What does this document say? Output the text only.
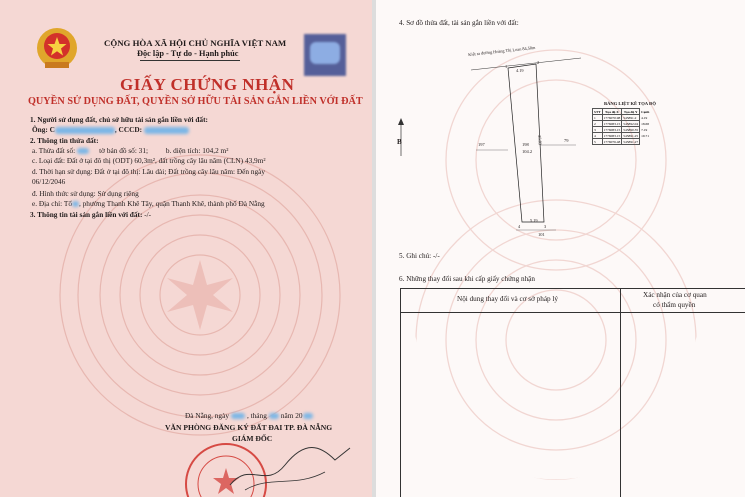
CỘNG HÒA XÃ HỘI CHỦ NGHĨA VIỆT NAM
Độc lập - Tự do - Hạnh phúc
GIẤY CHỨNG NHẬN
QUYỀN SỬ DỤNG ĐẤT, QUYỀN SỞ HỮU TÀI SẢN GẮN LIỀN VỚI ĐẤT
1. Người sử dụng đất, chủ sở hữu tài sản gắn liền với đất:
Ông: C	, CCCD:
2. Thông tin thửa đất:
a. Thửa đất số:	tờ bản đồ số: 31; b. diện tích: 104,2 m²
c. Loại đất: Đất ở tại đô thị (ODT) 60,3m², đất trồng cây lâu năm (CLN) 43,9m²
d. Thời hạn sử dụng: Đất ở tại đô thị: Lâu dài; Đất trồng cây lâu năm: Đến ngày
06/12/2046
đ. Hình thức sử dụng: Sử dụng riêng
e. Địa chỉ: Tổ , phường Thanh Khê Tây, quận Thanh Khê, thành phố Đà Nẵng
3. Thông tin tài sản gắn liền với đất: -/-
Đà Nẵng, ngày , tháng năm 20
VĂN PHÒNG ĐĂNG KÝ ĐẤT ĐAI TP. ĐÀ NẴNG
GIÁM ĐỐC
4. Sơ đồ thửa đất, tài sản gắn liền với đất:
Kiệt ra đường Hoàng Thị Loan 84,50m
4.19
1
2
25.83
198
104.2
197
79
5.19
3
4
101
B
BẢNG LIỆT KÊ TỌA ĐỘ
STT	Tọa độ X	Tọa độ Y	Cạnh
1	1776070.98	545891.2	4.19
2	1776083.15	545892.04	18.68
3	1776083.15	545890.35	7.19
4	1776083.15	545891.25	19.71
5	1776076.48	545891.27	
5. Ghi chú: -/-
6. Những thay đổi sau khi cấp giấy chứng nhận
Nội dung thay đổi và cơ sở pháp lý	Xác nhận của cơ quan
có thẩm quyền
